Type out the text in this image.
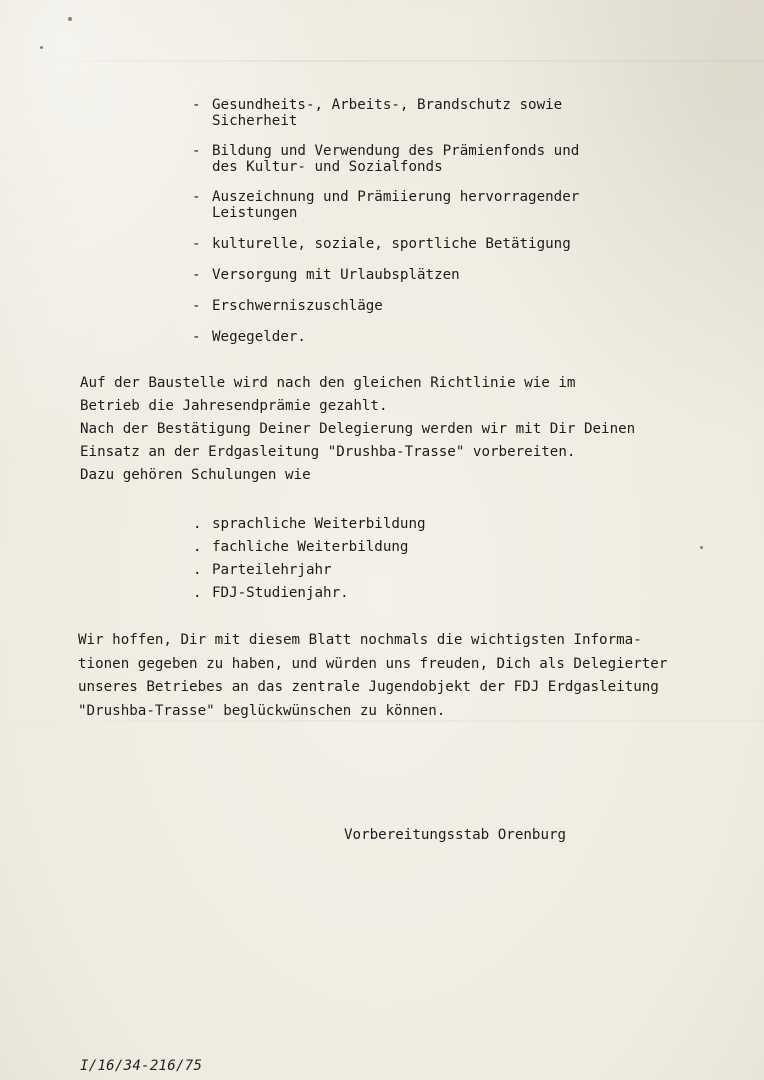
- Gesundheits-, Arbeits-, Brandschutz sowie
Sicherheit
- Bildung und Verwendung des Prämienfonds und
des Kultur- und Sozialfonds
- Auszeichnung und Prämiierung hervorragender
Leistungen
- kulturelle, soziale, sportliche Betätigung
- Versorgung mit Urlaubsplätzen
- Erschwerniszuschläge
- Wegegelder.
Auf der Baustelle wird nach den gleichen Richtlinie wie im
Betrieb die Jahresendprämie gezahlt.
Nach der Bestätigung Deiner Delegierung werden wir mit Dir Deinen
Einsatz an der Erdgasleitung "Drushba-Trasse" vorbereiten.
Dazu gehören Schulungen wie
. sprachliche Weiterbildung
. fachliche Weiterbildung
. Parteilehrjahr
. FDJ-Studienjahr.
Wir hoffen, Dir mit diesem Blatt nochmals die wichtigsten Informa-
tionen gegeben zu haben, und würden uns freuden, Dich als Delegierter
unseres Betriebes an das zentrale Jugendobjekt der FDJ Erdgasleitung
"Drushba-Trasse" beglückwünschen zu können.
Vorbereitungsstab Orenburg
I/16/34-216/75
